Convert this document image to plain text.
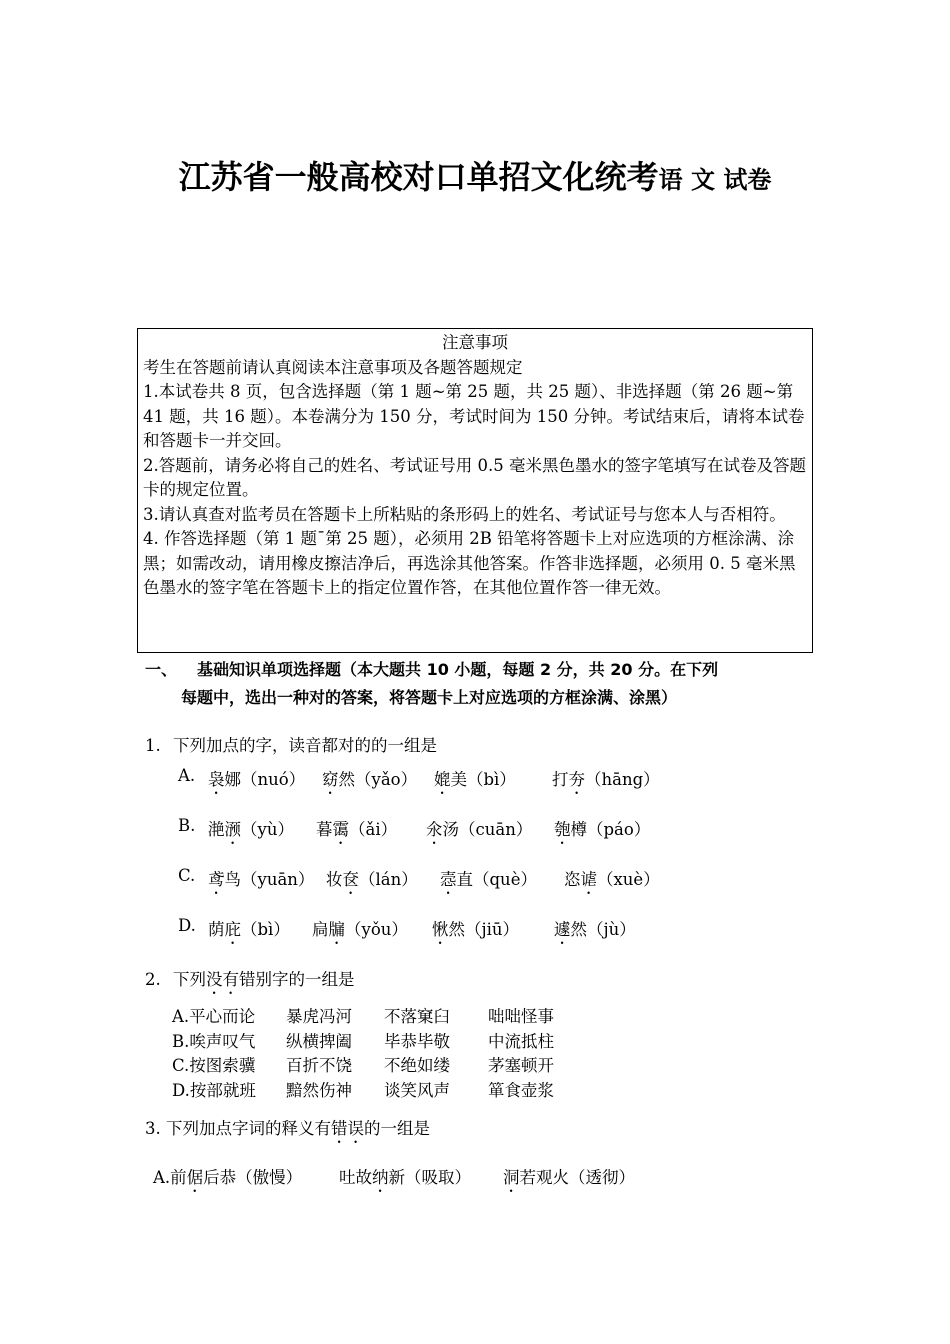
江苏省一般高校对口单招文化统考语 文 试卷
注意事项

考生在答题前请认真阅读本注意事项及各题答题规定

1.本试卷共 8 页，包含选择题（第 1 题~第 25 题，共 25 题）、非选择题（第 26 题~第 41 题，共 16 题）。本卷满分为 150 分，考试时间为 150 分钟。考试结束后，请将本试卷和答题卡一并交回。

2.答题前，请务必将自己的姓名、考试证号用 0.5 毫米黑色墨水的签字笔填写在试卷及答题卡的规定位置。

3.请认真查对监考员在答题卡上所粘贴的条形码上的姓名、考试证号与您本人与否相符。

4. 作答选择题（第 1 题ˉ第 25 题），必须用 2B 铅笔将答题卡上对应选项的方框涂满、涂黑；如需改动，请用橡皮擦洁净后，再选涂其他答案。作答非选择题，必须用 0. 5 毫米黑色墨水的签字笔在答题卡上的指定位置作答，在其他位置作答一律无效。

一、 基础知识单项选择题（本大题共 10 小题，每题 2 分，共 20 分。在下列
每题中，选出一种对的答案，将答题卡上对应选项的方框涂满、涂黑）
1. 下列加点的字，读音都对的的一组是
A. 袅娜（nuó） 窈然（yǎo） 媲美（bì） 打夯（hāng）
B. 滟滪（yù） 暮霭（ǎi） 氽汤（cuān） 匏樽（páo）
C. 鸢鸟（yuān） 妆奁（lán） 悫直（què） 恣谑（xuè）
D. 荫庇（bì） 扃牖（yǒu） 愀然（jiū） 遽然（jù）
2. 下列没有错别字的一组是
A.平心而论 暴虎冯河 不落窠臼 咄咄怪事
B.唉声叹气 纵横捭阖 毕恭毕敬 中流抵柱
C.按图索骥 百折不饶 不绝如缕 茅塞顿开
D.按部就班 黯然伤神 谈笑风声 箪食壶浆
3. 下列加点字词的释义有错误的一组是
A.前倨后恭（傲慢） 吐故纳新（吸取） 洞若观火（透彻）
